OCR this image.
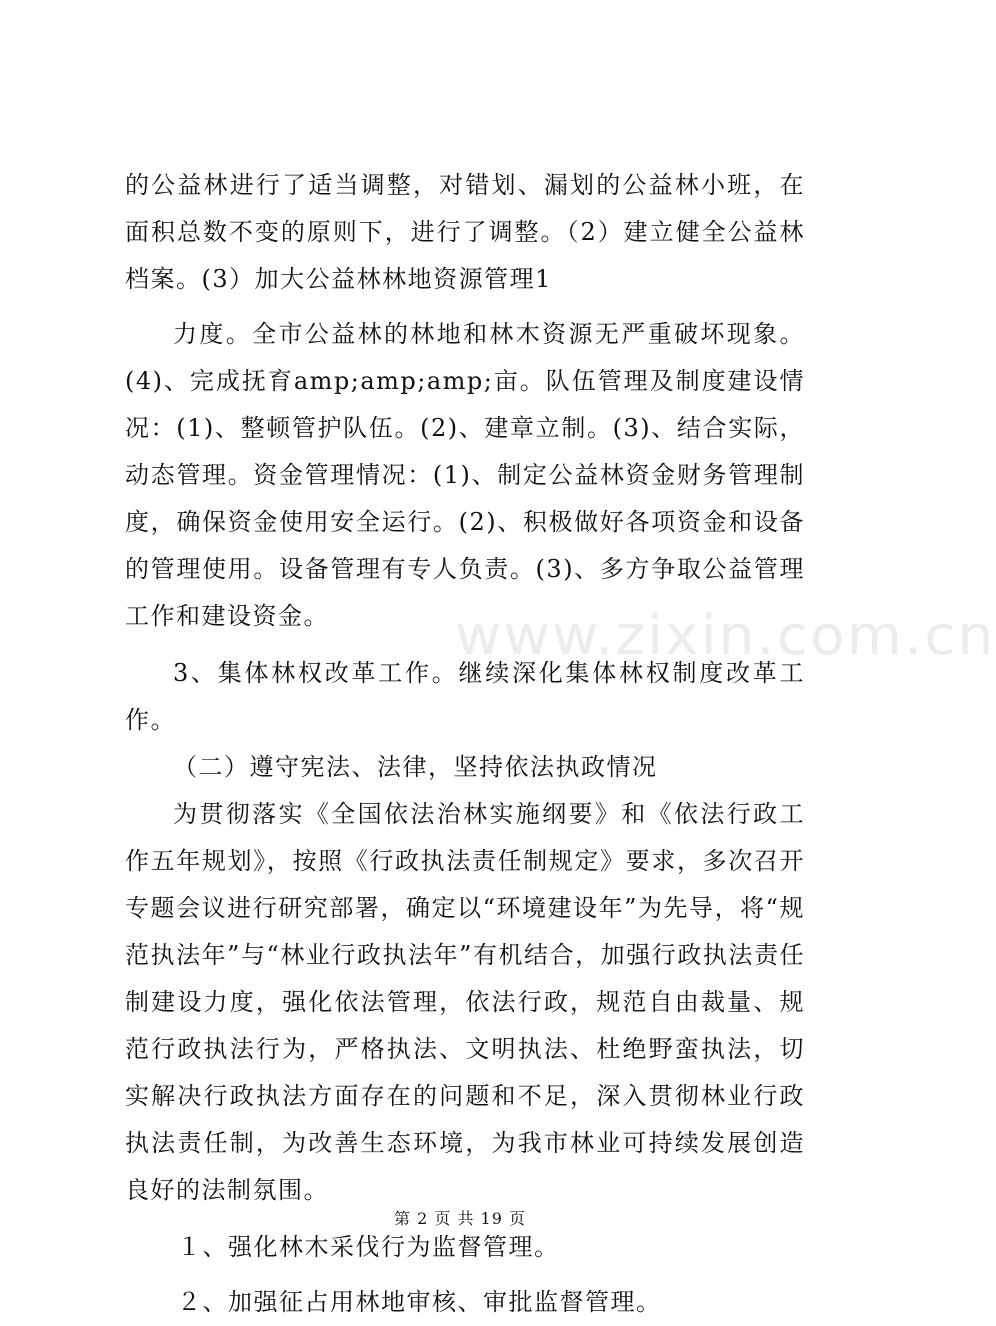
的公益林进行了适当调整，对错划、漏划的公益林小班，在面积总数不变的原则下，进行了调整。（2）建立健全公益林档案。(3）加大公益林林地资源管理1

力度。全市公益林的林地和林木资源无严重破坏现象。(4)、完成抚育amp;amp;amp;亩。队伍管理及制度建设情况：(1)、整顿管护队伍。(2)、建章立制。(3)、结合实际，动态管理。资金管理情况：(1)、制定公益林资金财务管理制度，确保资金使用安全运行。(2)、积极做好各项资金和设备的管理使用。设备管理有专人负责。(3)、多方争取公益管理工作和建设资金。

3、集体林权改革工作。继续深化集体林权制度改革工作。

（二）遵守宪法、法律，坚持依法执政情况

为贯彻落实《全国依法治林实施纲要》和《依法行政工作五年规划》，按照《行政执法责任制规定》要求，多次召开专题会议进行研究部署，确定以“环境建设年”为先导，将“规范执法年”与“林业行政执法年”有机结合，加强行政执法责任制建设力度，强化依法管理，依法行政，规范自由裁量、规范行政执法行为，严格执法、文明执法、杜绝野蛮执法，切实解决行政执法方面存在的问题和不足，深入贯彻林业行政执法责任制，为改善生态环境，为我市林业可持续发展创造良好的法制氛围。

１、强化林木采伐行为监督管理。

２、加强征占用林地审核、审批监督管理。

www.zixin.com.cn
第 2 页 共 19 页
